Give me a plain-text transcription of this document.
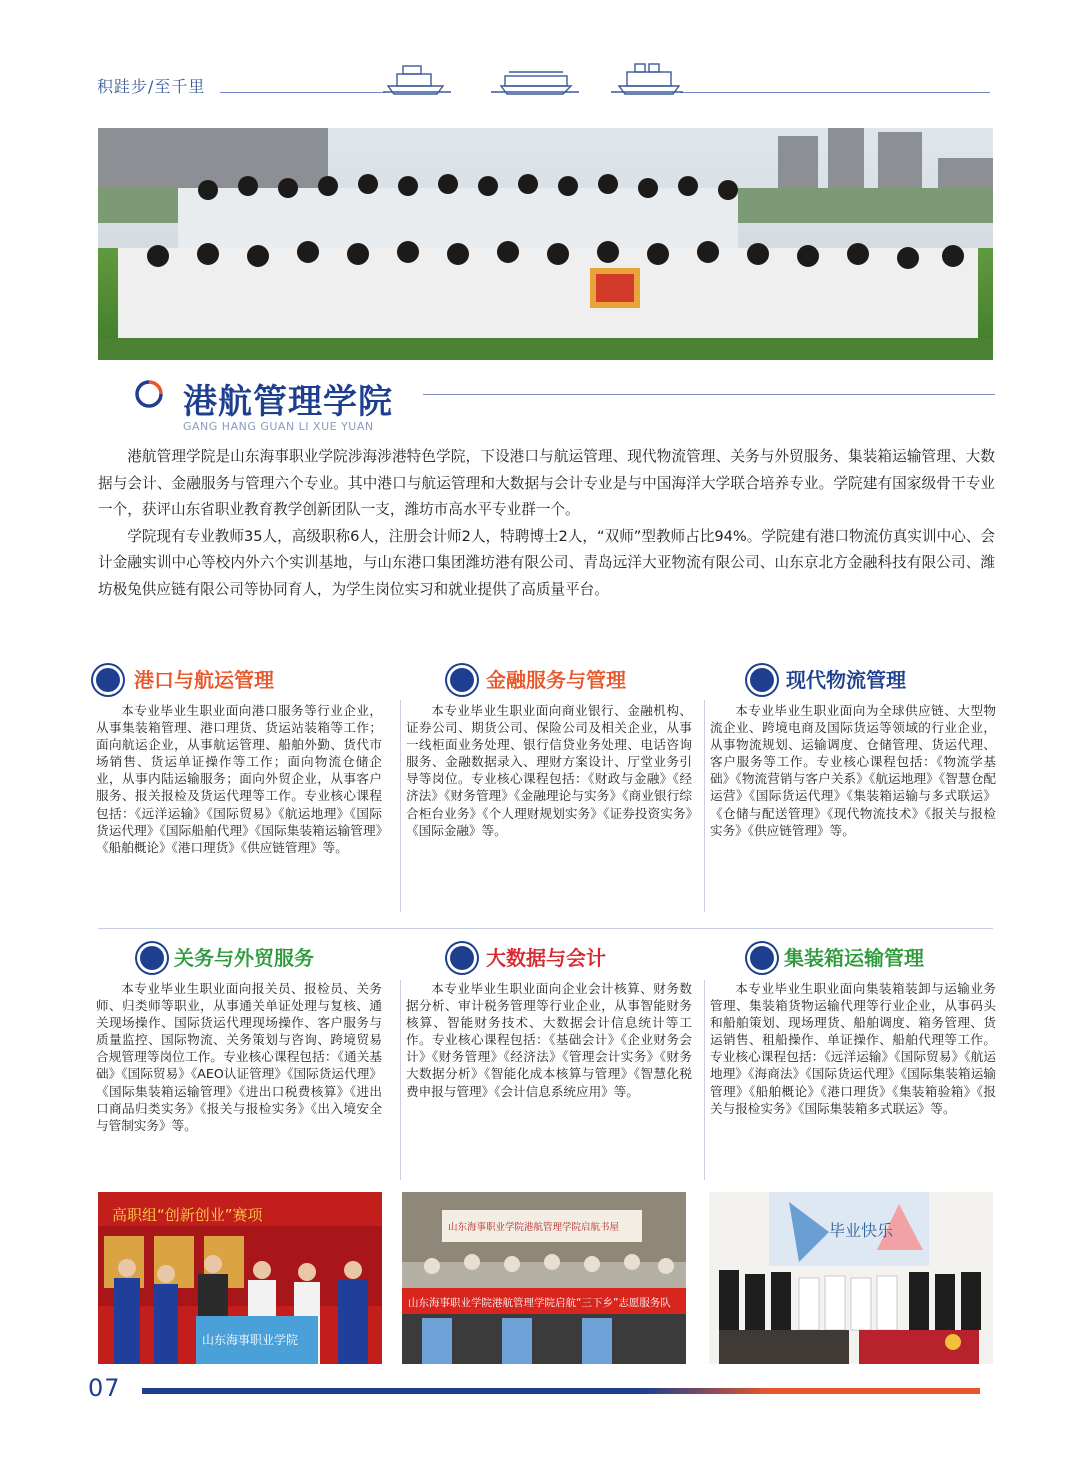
积跬步/至千里
港航管理学院
GANG HANG GUAN LI XUE YUAN

港航管理学院是山东海事职业学院涉海涉港特色学院，下设港口与航运管理、现代物流管理、关务与外贸服务、集装箱运输管理、大数据与会计、金融服务与管理六个专业。其中港口与航运管理和大数据与会计专业是与中国海洋大学联合培养专业。学院建有国家级骨干专业一个，获评山东省职业教育教学创新团队一支，潍坊市高水平专业群一个。

学院现有专业教师35人，高级职称6人，注册会计师2人，特聘博士2人，“双师”型教师占比94%。学院建有港口物流仿真实训中心、会计金融实训中心等校内外六个实训基地，与山东港口集团潍坊港有限公司、青岛远洋大亚物流有限公司、山东京北方金融科技有限公司、潍坊极兔供应链有限公司等协同育人，为学生岗位实习和就业提供了高质量平台。

港口与航运管理
本专业毕业生职业面向港口服务等行业企业，从事集装箱管理、港口理货、货运站装箱等工作；面向航运企业，从事航运管理、船舶外勤、货代市场销售、货运单证操作等工作；面向物流仓储企业，从事内陆运输服务；面向外贸企业，从事客户服务、报关报检及货运代理等工作。专业核心课程包括：《远洋运输》《国际贸易》《航运地理》《国际货运代理》《国际船舶代理》《国际集装箱运输管理》《船舶概论》《港口理货》《供应链管理》等。
金融服务与管理
本专业毕业生职业面向商业银行、金融机构、证券公司、期货公司、保险公司及相关企业，从事一线柜面业务处理、银行信贷业务处理、电话咨询服务、金融数据录入、理财方案设计、厅堂业务引导等岗位。专业核心课程包括：《财政与金融》《经济法》《财务管理》《金融理论与实务》《商业银行综合柜台业务》《个人理财规划实务》《证券投资实务》《国际金融》等。
现代物流管理
本专业毕业生职业面向为全球供应链、大型物流企业、跨境电商及国际货运等领域的行业企业，从事物流规划、运输调度、仓储管理、货运代理、客户服务等工作。专业核心课程包括：《物流学基础》《物流营销与客户关系》《航运地理》《智慧仓配运营》《国际货运代理》《集装箱运输与多式联运》《仓储与配送管理》《现代物流技术》《报关与报检实务》《供应链管理》等。
关务与外贸服务
本专业毕业生职业面向报关员、报检员、关务师、归类师等职业，从事通关单证处理与复核、通关现场操作、国际货运代理现场操作、客户服务与质量监控、国际物流、关务策划与咨询、跨境贸易合规管理等岗位工作。专业核心课程包括：《通关基础》《国际贸易》《AEO认证管理》《国际货运代理》《国际集装箱运输管理》《进出口税费核算》《进出口商品归类实务》《报关与报检实务》《出入境安全与管制实务》等。
大数据与会计
本专业毕业生职业面向企业会计核算、财务数据分析、审计税务管理等行业企业，从事智能财务核算、智能财务技术、大数据会计信息统计等工作。专业核心课程包括：《基础会计》《企业财务会计》《财务管理》《经济法》《管理会计实务》《财务大数据分析》《智能化成本核算与管理》《智慧化税费申报与管理》《会计信息系统应用》等。
集装箱运输管理
本专业毕业生职业面向集装箱装卸与运输业务管理、集装箱货物运输代理等行业企业，从事码头和船舶策划、现场理货、船舶调度、箱务管理、货运销售、租船操作、单证操作、船舶代理等工作。专业核心课程包括：《远洋运输》《国际贸易》《航运地理》《海商法》《国际货运代理》《国际集装箱运输管理》《船舶概论》《港口理货》《集装箱验箱》《报关与报检实务》《国际集装箱多式联运》等。
高职组“创新创业”赛项
山东海事职业学院
山东海事职业学院港航管理学院启航书屋
山东海事职业学院港航管理学院启航“三下乡”志愿服务队
毕业快乐
07
